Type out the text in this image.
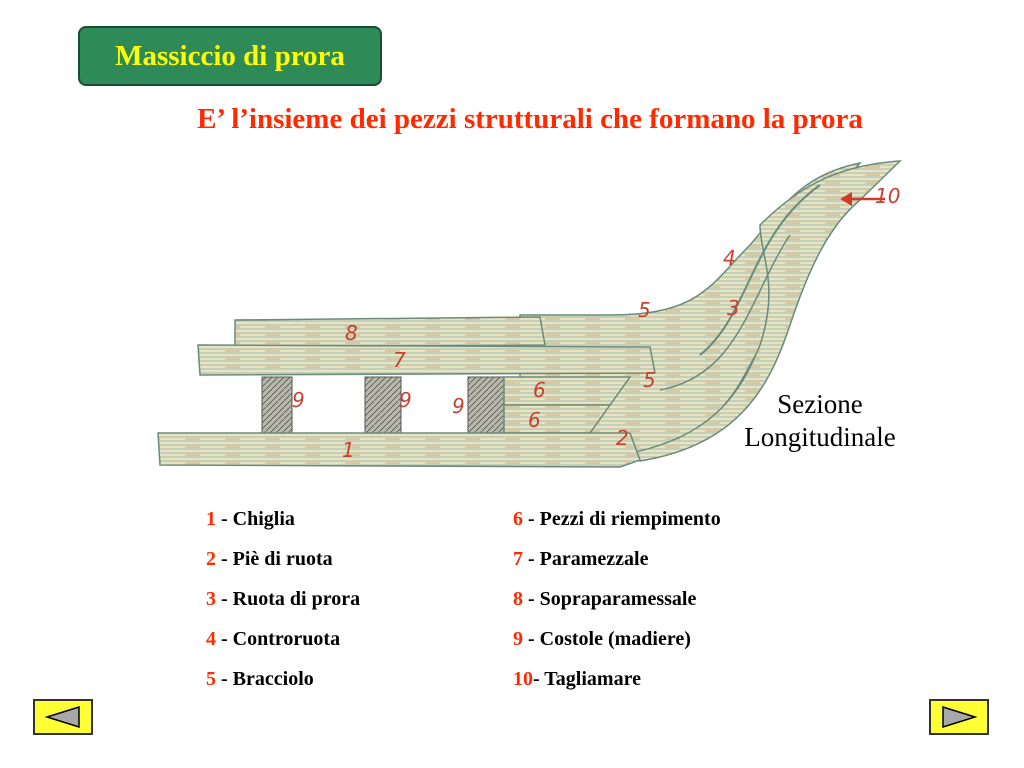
Massiccio di prora
E’ l’insieme dei pezzi strutturali che formano la prora
1	2
3
4
5
5
6
6
7
8
9	9 9
10
Sezione
Longitudinale
1 - Chiglia
2 - Piè di ruota
3 - Ruota di prora
4 - Controruota
5 - Bracciolo
6 - Pezzi di riempimento
7 - Paramezzale
8 - Sopraparamessale
9 - Costole (madiere)
10- Tagliamare
